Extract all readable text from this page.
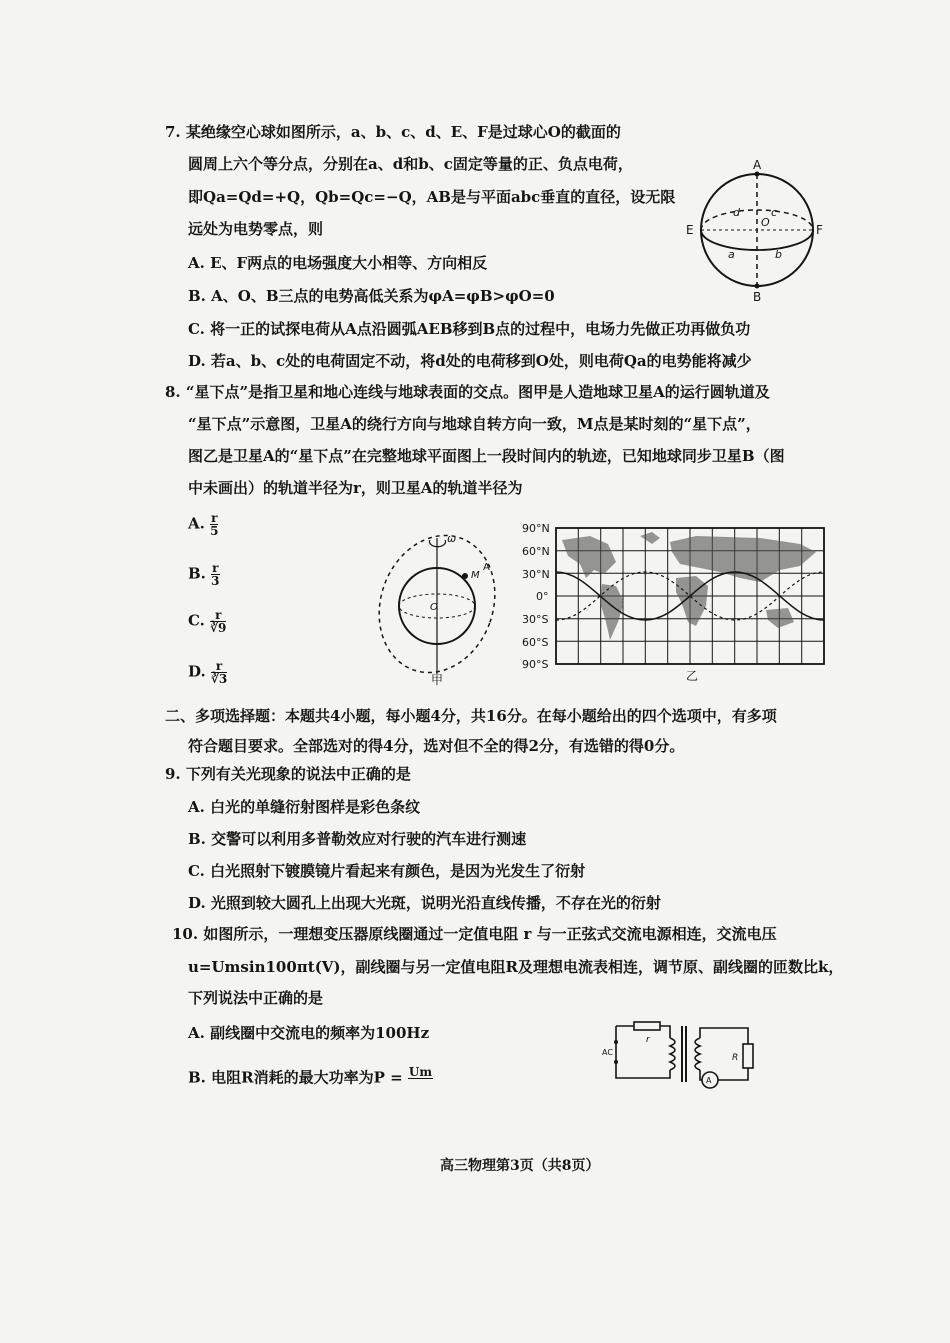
7. 某绝缘空心球如图所示，a、b、c、d、E、F是过球心O的截面的
圆周上六个等分点，分别在a、d和b、c固定等量的正、负点电荷，
即Qa=Qd=+Q，Qb=Qc=−Q，AB是与平面abc垂直的直径，设无限
远处为电势零点，则
A. E、F两点的电场强度大小相等、方向相反
B. A、O、B三点的电势高低关系为φA=φB>φO=0
C. 将一正的试探电荷从A点沿圆弧AEB移到B点的过程中，电场力先做正功再做负功
D. 若a、b、c处的电荷固定不动，将d处的电荷移到O处，则电荷Qa的电势能将减少
A
B
E	F
d	c
a	b
O
8. “星下点”是指卫星和地心连线与地球表面的交点。图甲是人造地球卫星A的运行圆轨道及
“星下点”示意图，卫星A的绕行方向与地球自转方向一致，M点是某时刻的“星下点”，
图乙是卫星A的“星下点”在完整地球平面图上一段时间内的轨迹，已知地球同步卫星B（图
中未画出）的轨道半径为r，则卫星A的轨道半径为
A. $\frac{r}{5}$
B. $\frac{r}{3}$
C. $\frac{r}{∛9}$
D. $\frac{r}{∛3}$
ω
M
A
O
甲
90°N
60°N
30°N
0°
30°S
60°S
90°S
乙
二、多项选择题：本题共4小题，每小题4分，共16分。在每小题给出的四个选项中，有多项
符合题目要求。全部选对的得4分，选对但不全的得2分，有选错的得0分。
9. 下列有关光现象的说法中正确的是
A. 白光的单缝衍射图样是彩色条纹
B. 交警可以利用多普勒效应对行驶的汽车进行测速
C. 白光照射下镀膜镜片看起来有颜色，是因为光发生了衍射
D. 光照到较大圆孔上出现大光斑，说明光沿直线传播，不存在光的衍射
10. 如图所示，一理想变压器原线圈通过一定值电阻 r 与一正弦式交流电源相连，交流电压
u=Umsin100πt(V)，副线圈与另一定值电阻R及理想电流表相连，调节原、副线圈的匝数比k，
下列说法中正确的是
A. 副线圈中交流电的频率为100Hz
B. 电阻R消耗的最大功率为P = Um

AC
r
R
A
高三物理第3页（共8页）
